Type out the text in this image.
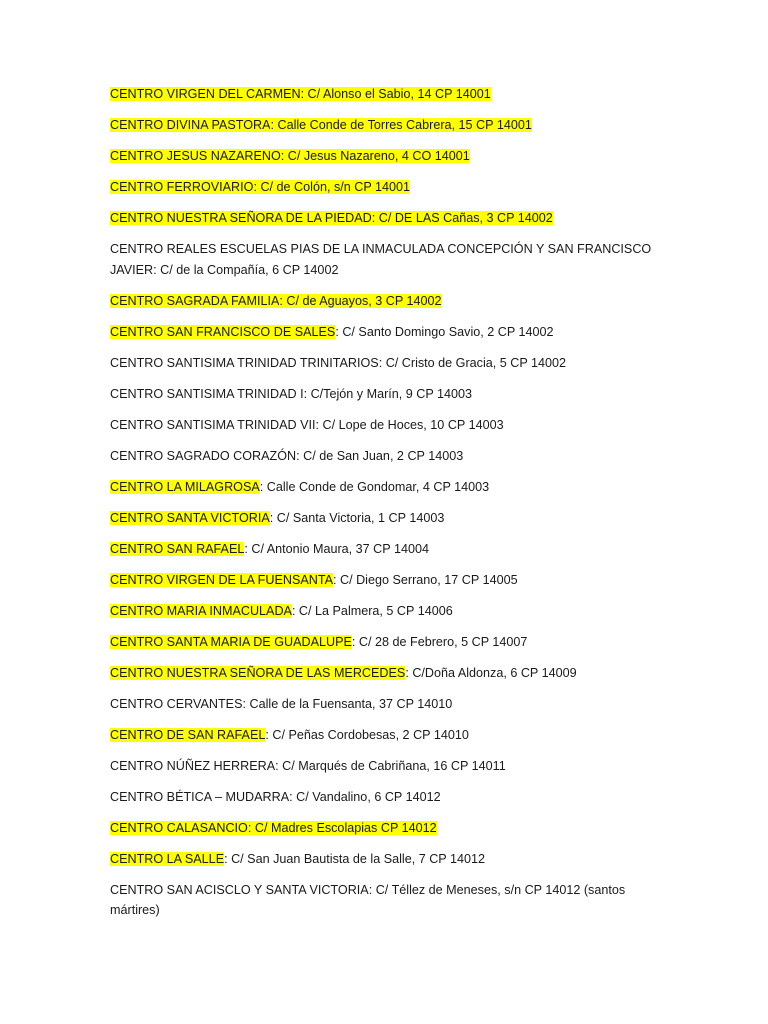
CENTRO VIRGEN DEL CARMEN: C/ Alonso el Sabio, 14 CP 14001

CENTRO DIVINA PASTORA: Calle Conde de Torres Cabrera, 15 CP 14001

CENTRO JESUS NAZARENO: C/ Jesus Nazareno, 4 CO 14001

CENTRO FERROVIARIO: C/ de Colón, s/n CP 14001

CENTRO NUESTRA SEÑORA DE LA PIEDAD: C/ DE LAS Cañas, 3 CP 14002

CENTRO REALES ESCUELAS PIAS DE LA INMACULADA CONCEPCIÓN Y SAN FRANCISCO JAVIER: C/ de la Compañía, 6 CP 14002

CENTRO SAGRADA FAMILIA: C/ de Aguayos, 3 CP 14002

CENTRO SAN FRANCISCO DE SALES: C/ Santo Domingo Savio, 2 CP 14002

CENTRO SANTISIMA TRINIDAD TRINITARIOS: C/ Cristo de Gracia, 5 CP 14002

CENTRO SANTISIMA TRINIDAD I: C/Tejón y Marín, 9 CP 14003

CENTRO SANTISIMA TRINIDAD VII: C/ Lope de Hoces, 10 CP 14003

CENTRO SAGRADO CORAZÓN: C/ de San Juan, 2 CP 14003

CENTRO LA MILAGROSA: Calle Conde de Gondomar, 4 CP 14003

CENTRO SANTA VICTORIA: C/ Santa Victoria, 1 CP 14003

CENTRO SAN RAFAEL: C/ Antonio Maura, 37 CP 14004

CENTRO VIRGEN DE LA FUENSANTA: C/ Diego Serrano, 17 CP 14005

CENTRO MARIA INMACULADA: C/ La Palmera, 5 CP 14006

CENTRO SANTA MARIA DE GUADALUPE: C/ 28 de Febrero, 5 CP 14007

CENTRO NUESTRA SEÑORA DE LAS MERCEDES: C/Doña Aldonza, 6 CP 14009

CENTRO CERVANTES: Calle de la Fuensanta, 37 CP 14010

CENTRO DE SAN RAFAEL: C/ Peñas Cordobesas, 2 CP 14010

CENTRO NÚÑEZ HERRERA: C/ Marqués de Cabriñana, 16 CP 14011

CENTRO BÉTICA – MUDARRA: C/ Vandalino, 6 CP 14012

CENTRO CALASANCIO: C/ Madres Escolapias CP 14012

CENTRO LA SALLE: C/ San Juan Bautista de la Salle, 7 CP 14012

CENTRO SAN ACISCLO Y SANTA VICTORIA: C/ Téllez de Meneses, s/n CP 14012 (santos mártires)
